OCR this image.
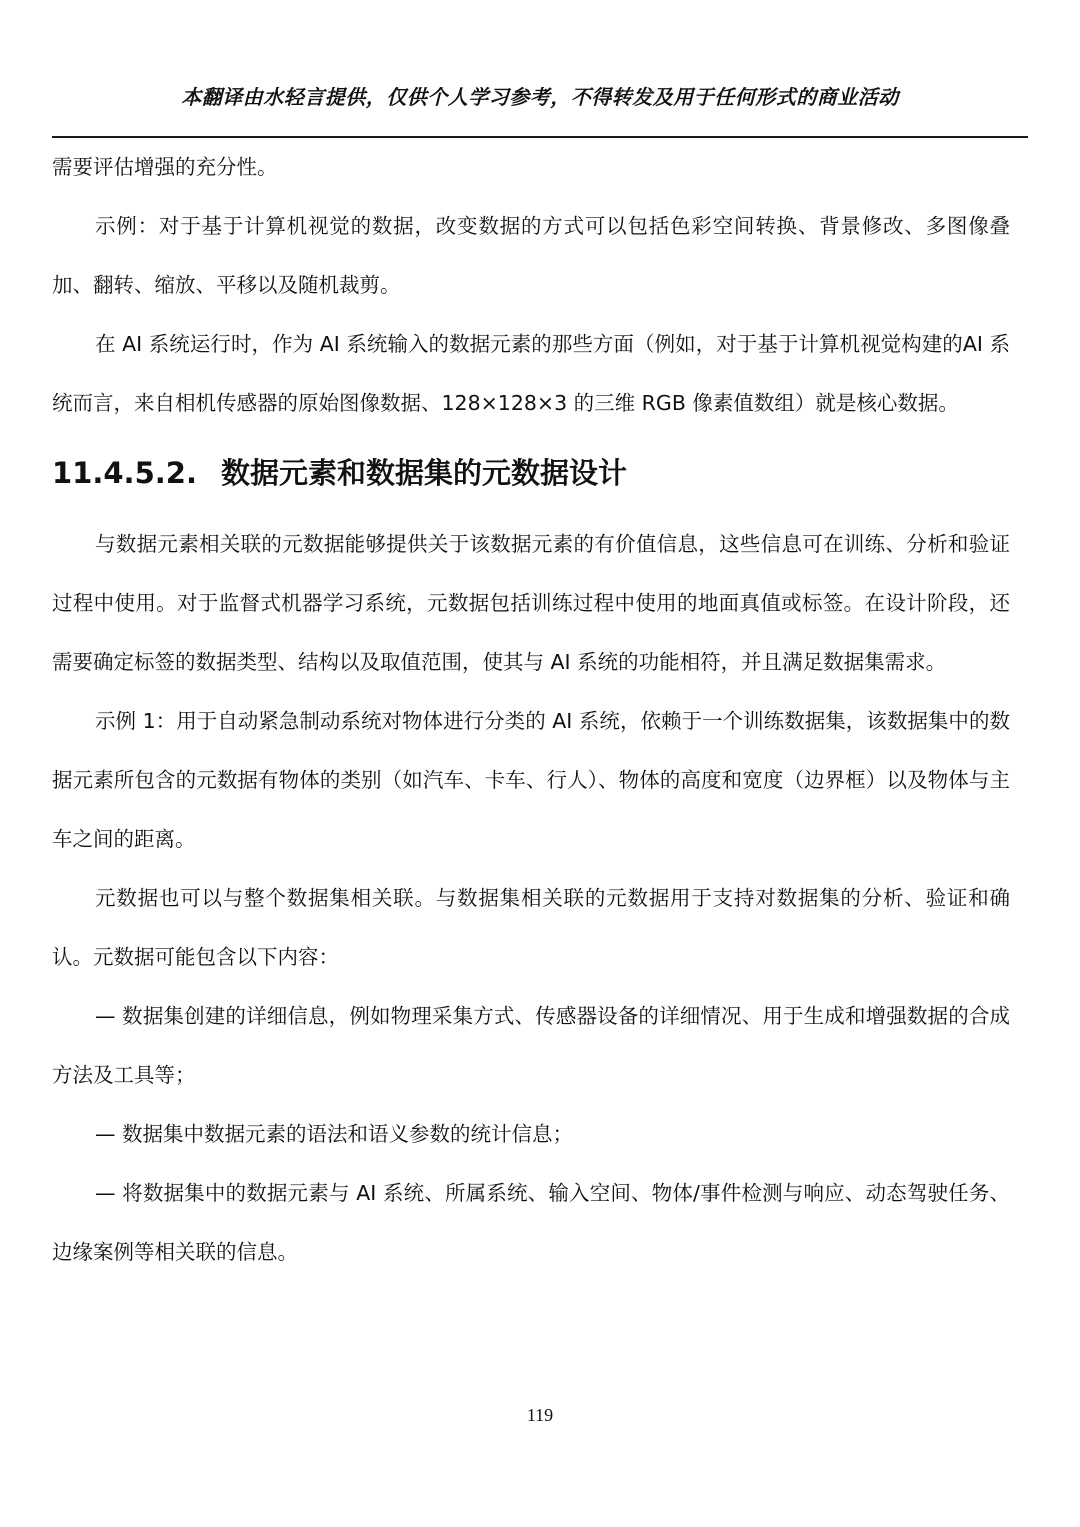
本翻译由水轻言提供，仅供个人学习参考，不得转发及用于任何形式的商业活动

需要评估增强的充分性。

示例：对于基于计算机视觉的数据，改变数据的方式可以包括色彩空间转换、背景修改、多图像叠加、翻转、缩放、平移以及随机裁剪。

在 AI 系统运行时，作为 AI 系统输入的数据元素的那些方面（例如，对于基于计算机视觉构建的AI 系统而言，来自相机传感器的原始图像数据、128×128×3 的三维 RGB 像素值数组）就是核心数据。

11.4.5.2. 数据元素和数据集的元数据设计

与数据元素相关联的元数据能够提供关于该数据元素的有价值信息，这些信息可在训练、分析和验证过程中使用。对于监督式机器学习系统，元数据包括训练过程中使用的地面真值或标签。在设计阶段，还需要确定标签的数据类型、结构以及取值范围，使其与 AI 系统的功能相符，并且满足数据集需求。

示例 1：用于自动紧急制动系统对物体进行分类的 AI 系统，依赖于一个训练数据集，该数据集中的数据元素所包含的元数据有物体的类别（如汽车、卡车、行人）、物体的高度和宽度（边界框）以及物体与主车之间的距离。

元数据也可以与整个数据集相关联。与数据集相关联的元数据用于支持对数据集的分析、验证和确认。元数据可能包含以下内容：

— 数据集创建的详细信息，例如物理采集方式、传感器设备的详细情况、用于生成和增强数据的合成方法及工具等；

— 数据集中数据元素的语法和语义参数的统计信息；

— 将数据集中的数据元素与 AI 系统、所属系统、输入空间、物体/事件检测与响应、动态驾驶任务、边缘案例等相关联的信息。

119
